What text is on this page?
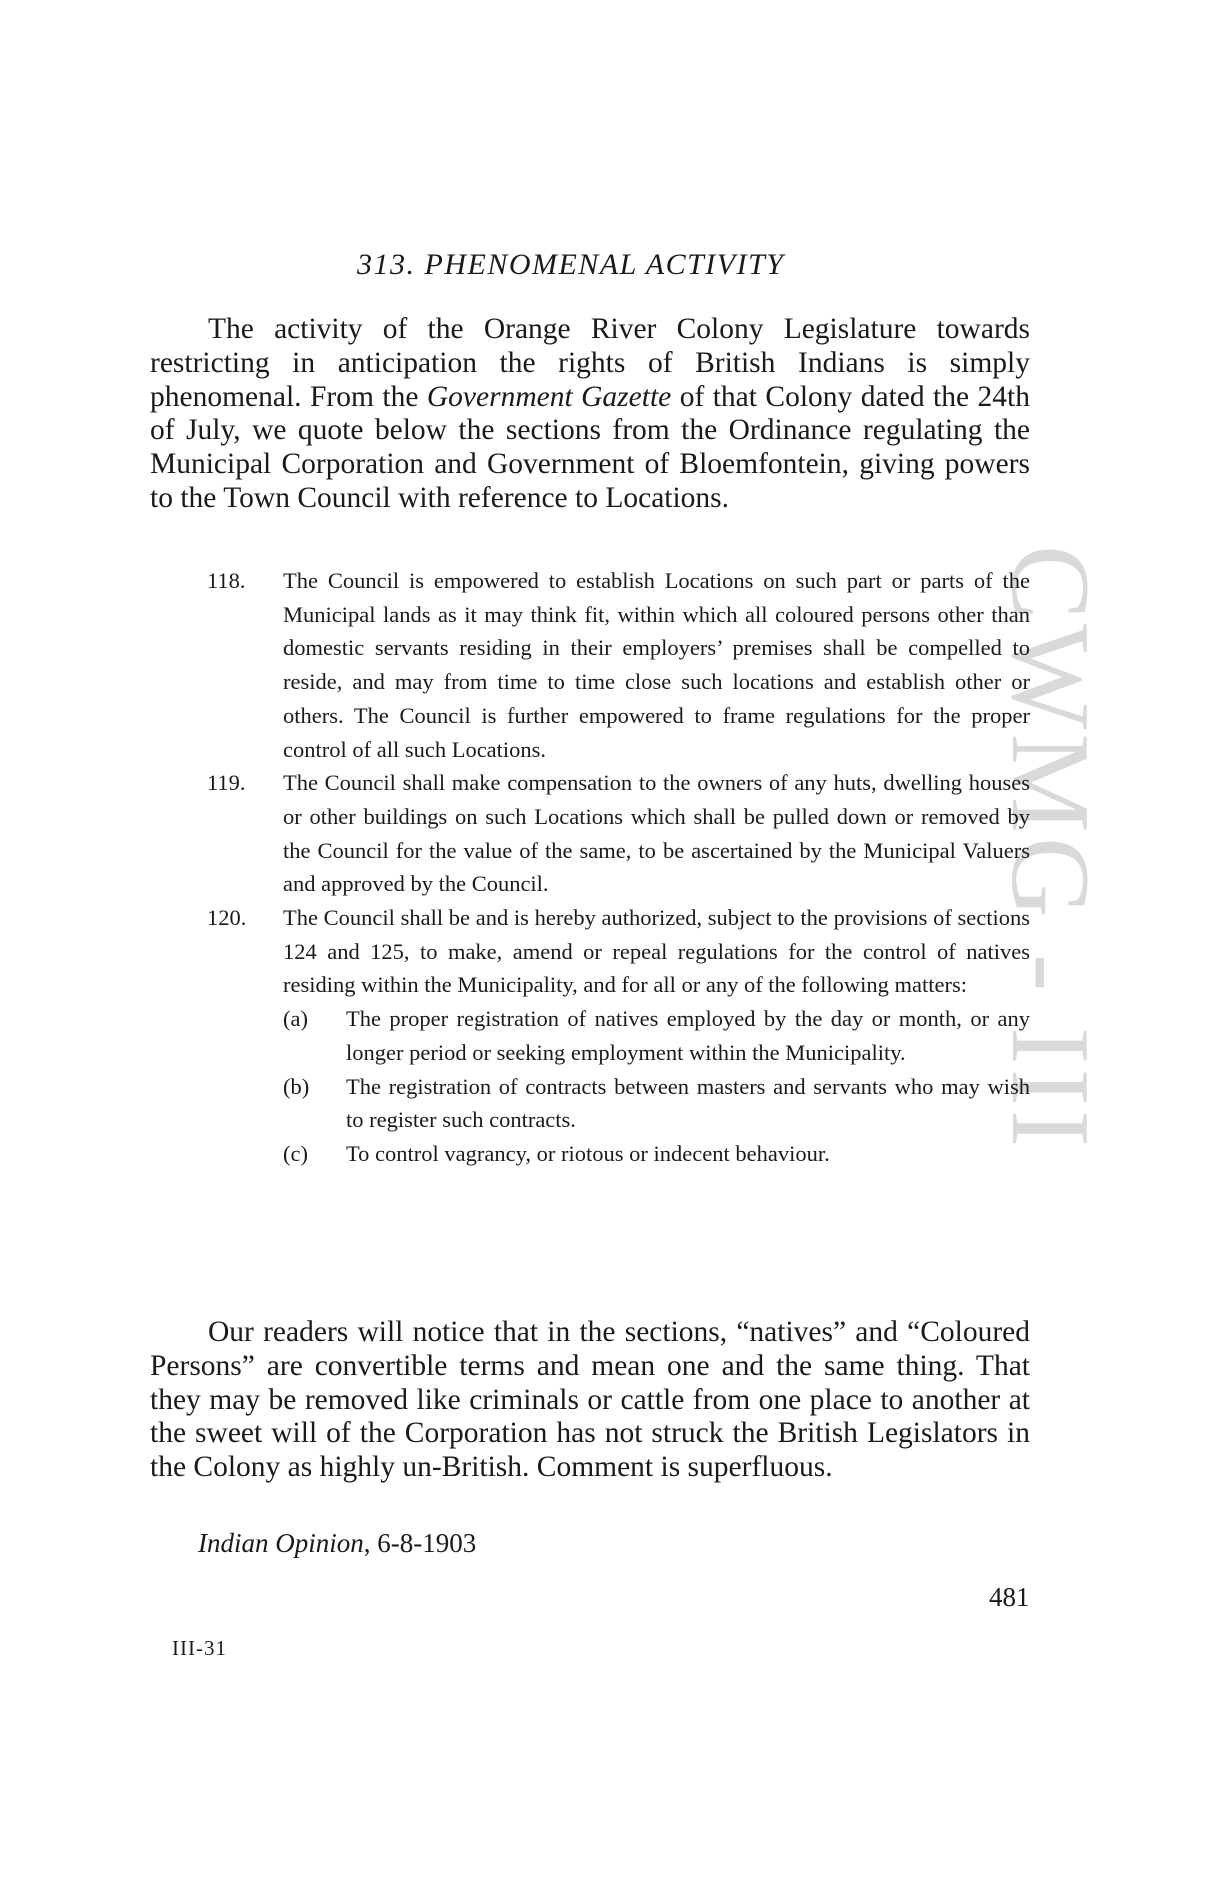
CWMG - III
313. PHENOMENAL ACTIVITY

The activity of the Orange River Colony Legislature towards restricting in anticipation the rights of British Indians is simply phenomenal. From the Government Gazette of that Colony dated the 24th of July, we quote below the sections from the Ordinance regulating the Municipal Corporation and Government of Bloemfontein, giving powers to the Town Council with reference to Locations.

118. The Council is empowered to establish Locations on such part or parts of the Municipal lands as it may think fit, within which all coloured persons other than domestic servants residing in their employers’ premises shall be compelled to reside, and may from time to time close such locations and establish other or others. The Council is further empowered to frame regulations for the proper control of all such Locations.
119. The Council shall make compensation to the owners of any huts, dwelling houses or other buildings on such Locations which shall be pulled down or removed by the Council for the value of the same, to be ascertained by the Municipal Valuers and approved by the Council.
120. The Council shall be and is hereby authorized, subject to the provisions of sections 124 and 125, to make, amend or repeal regulations for the control of natives residing within the Municipality, and for all or any of the following matters:
(a) The proper registration of natives employed by the day or month, or any longer period or seeking employment within the Municipality.
(b) The registration of contracts between masters and servants who may wish to register such contracts.
(c) To control vagrancy, or riotous or indecent behaviour.

Our readers will notice that in the sections, “natives” and “Coloured Persons” are convertible terms and mean one and the same thing. That they may be removed like criminals or cattle from one place to another at the sweet will of the Corporation has not struck the British Legislators in the Colony as highly un-British. Comment is superfluous.

Indian Opinion, 6-8-1903
481
III-31
